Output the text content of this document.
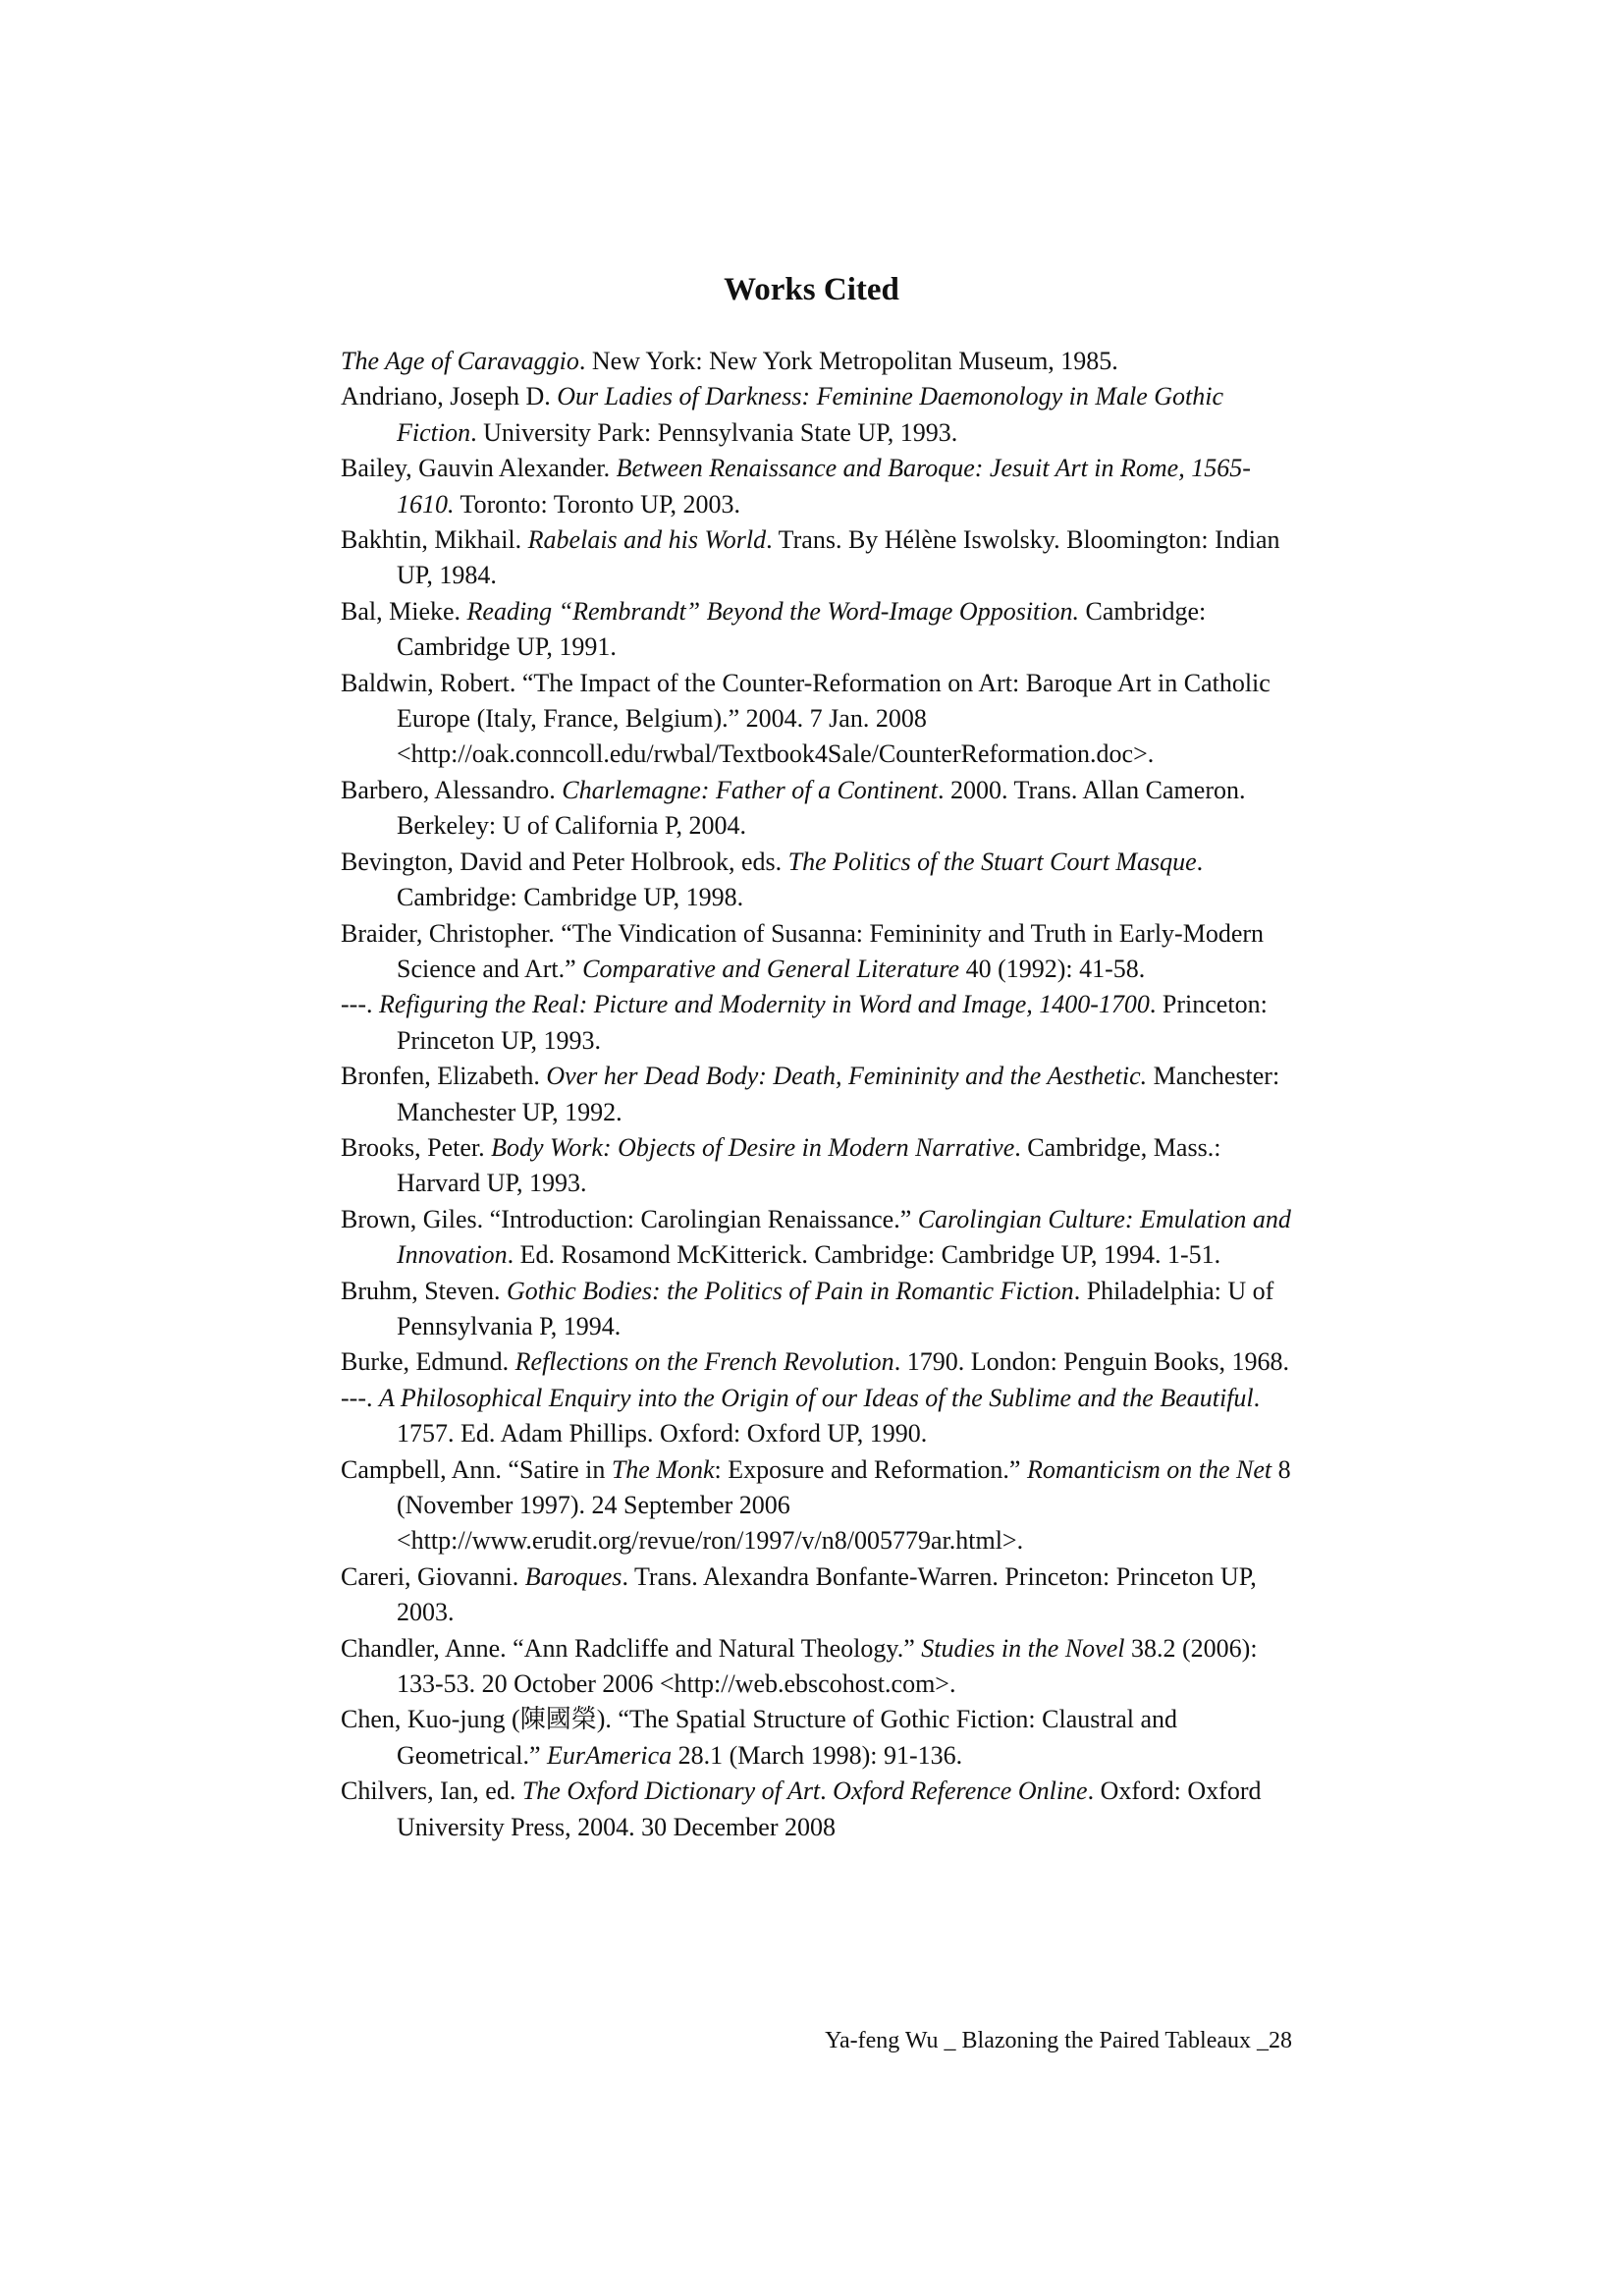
Works Cited
The Age of Caravaggio. New York: New York Metropolitan Museum, 1985.
Andriano, Joseph D. Our Ladies of Darkness: Feminine Daemonology in Male Gothic Fiction. University Park: Pennsylvania State UP, 1993.
Bailey, Gauvin Alexander. Between Renaissance and Baroque: Jesuit Art in Rome, 1565-1610. Toronto: Toronto UP, 2003.
Bakhtin, Mikhail. Rabelais and his World. Trans. By Hélène Iswolsky. Bloomington: Indian UP, 1984.
Bal, Mieke. Reading “Rembrandt” Beyond the Word-Image Opposition. Cambridge: Cambridge UP, 1991.
Baldwin, Robert. “The Impact of the Counter-Reformation on Art: Baroque Art in Catholic Europe (Italy, France, Belgium).” 2004. 7 Jan. 2008 <http://oak.conncoll.edu/rwbal/Textbook4Sale/CounterReformation.doc>.
Barbero, Alessandro. Charlemagne: Father of a Continent. 2000. Trans. Allan Cameron. Berkeley: U of California P, 2004.
Bevington, David and Peter Holbrook, eds. The Politics of the Stuart Court Masque. Cambridge: Cambridge UP, 1998.
Braider, Christopher. “The Vindication of Susanna: Femininity and Truth in Early-Modern Science and Art.” Comparative and General Literature 40 (1992): 41-58.
---. Refiguring the Real: Picture and Modernity in Word and Image, 1400-1700. Princeton: Princeton UP, 1993.
Bronfen, Elizabeth. Over her Dead Body: Death, Femininity and the Aesthetic. Manchester: Manchester UP, 1992.
Brooks, Peter. Body Work: Objects of Desire in Modern Narrative. Cambridge, Mass.: Harvard UP, 1993.
Brown, Giles. “Introduction: Carolingian Renaissance.” Carolingian Culture: Emulation and Innovation. Ed. Rosamond McKitterick. Cambridge: Cambridge UP, 1994. 1-51.
Bruhm, Steven. Gothic Bodies: the Politics of Pain in Romantic Fiction. Philadelphia: U of Pennsylvania P, 1994.
Burke, Edmund. Reflections on the French Revolution. 1790. London: Penguin Books, 1968.
---. A Philosophical Enquiry into the Origin of our Ideas of the Sublime and the Beautiful. 1757. Ed. Adam Phillips. Oxford: Oxford UP, 1990.
Campbell, Ann. “Satire in The Monk: Exposure and Reformation.” Romanticism on the Net 8 (November 1997). 24 September 2006 <http://www.erudit.org/revue/ron/1997/v/n8/005779ar.html>.
Careri, Giovanni. Baroques. Trans. Alexandra Bonfante-Warren. Princeton: Princeton UP, 2003.
Chandler, Anne. “Ann Radcliffe and Natural Theology.” Studies in the Novel 38.2 (2006): 133-53. 20 October 2006 <http://web.ebscohost.com>.
Chen, Kuo-jung (陳國榮). “The Spatial Structure of Gothic Fiction: Claustral and Geometrical.” EurAmerica 28.1 (March 1998): 91-136.
Chilvers, Ian, ed. The Oxford Dictionary of Art. Oxford Reference Online. Oxford: Oxford University Press, 2004. 30 December 2008
Ya-feng Wu _ Blazoning the Paired Tableaux _28
